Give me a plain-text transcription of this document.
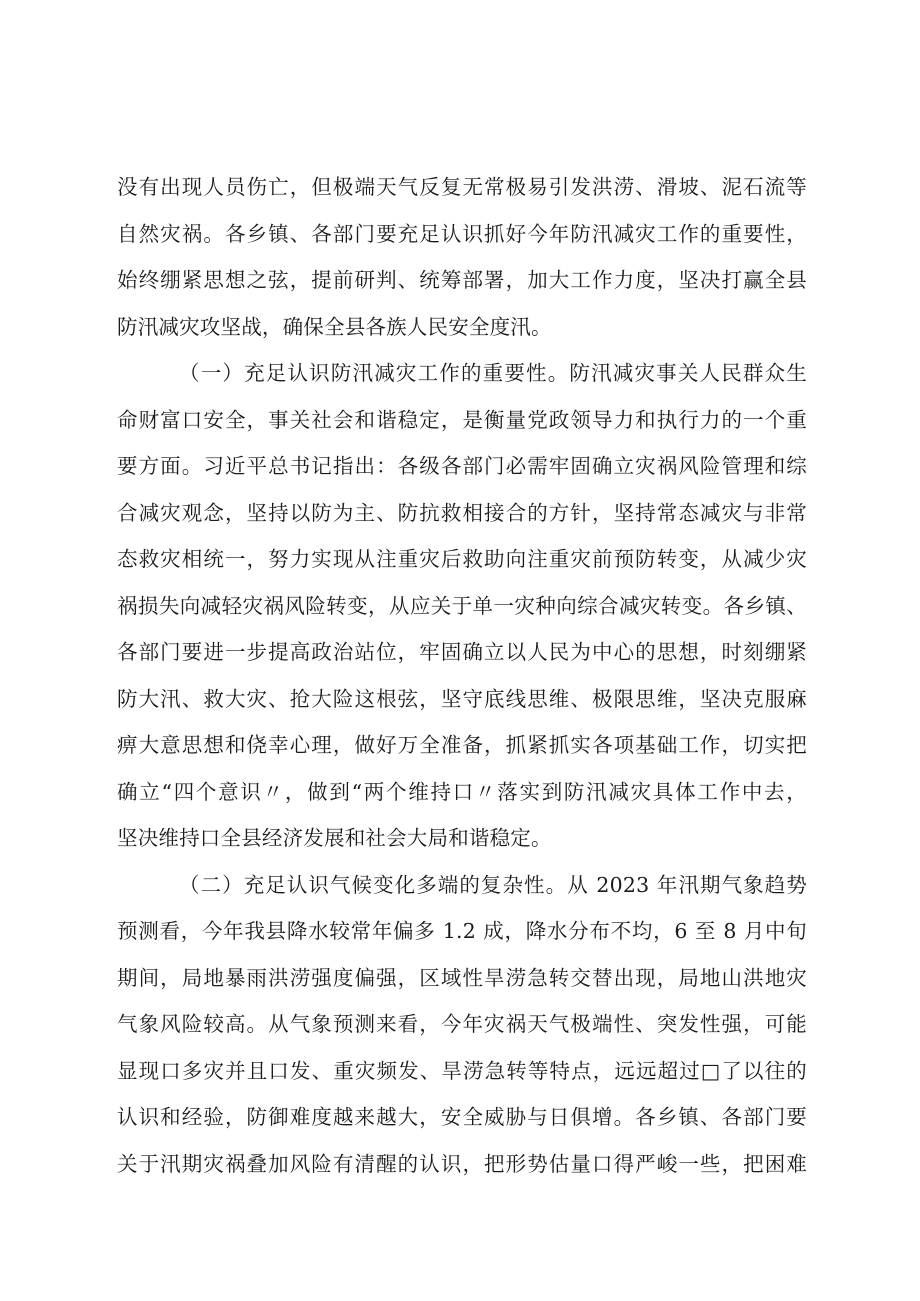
没有出现人员伤亡，但极端天气反复无常极易引发洪涝、滑坡、泥石流等
自然灾祸。各乡镇、各部门要充足认识抓好今年防汛减灾工作的重要性，
始终绷紧思想之弦，提前研判、统筹部署，加大工作力度，坚决打赢全县
防汛减灾攻坚战，确保全县各族人民安全度汛。
（一）充足认识防汛减灾工作的重要性。防汛减灾事关人民群众生
命财富口安全，事关社会和谐稳定，是衡量党政领导力和执行力的一个重
要方面。习近平总书记指出：各级各部门必需牢固确立灾祸风险管理和综
合减灾观念，坚持以防为主、防抗救相接合的方针，坚持常态减灾与非常
态救灾相统一，努力实现从注重灾后救助向注重灾前预防转变，从减少灾
祸损失向减轻灾祸风险转变，从应关于单一灾种向综合减灾转变。各乡镇、
各部门要进一步提高政治站位，牢固确立以人民为中心的思想，时刻绷紧
防大汛、救大灾、抢大险这根弦，坚守底线思维、极限思维，坚决克服麻
痹大意思想和侥幸心理，做好万全准备，抓紧抓实各项基础工作，切实把
确立“四个意识〃，做到“两个维持口〃落实到防汛减灾具体工作中去，
坚决维持口全县经济发展和社会大局和谐稳定。
（二）充足认识气候变化多端的复杂性。从 2023 年汛期气象趋势
预测看，今年我县降水较常年偏多 1.2 成，降水分布不均，6 至 8 月中旬
期间，局地暴雨洪涝强度偏强，区域性旱涝急转交替出现，局地山洪地灾
气象风险较高。从气象预测来看，今年灾祸天气极端性、突发性强，可能
显现口多灾并且口发、重灾频发、旱涝急转等特点，远远超过□了以往的
认识和经验，防御难度越来越大，安全威胁与日俱增。各乡镇、各部门要
关于汛期灾祸叠加风险有清醒的认识，把形势估量口得严峻一些，把困难
